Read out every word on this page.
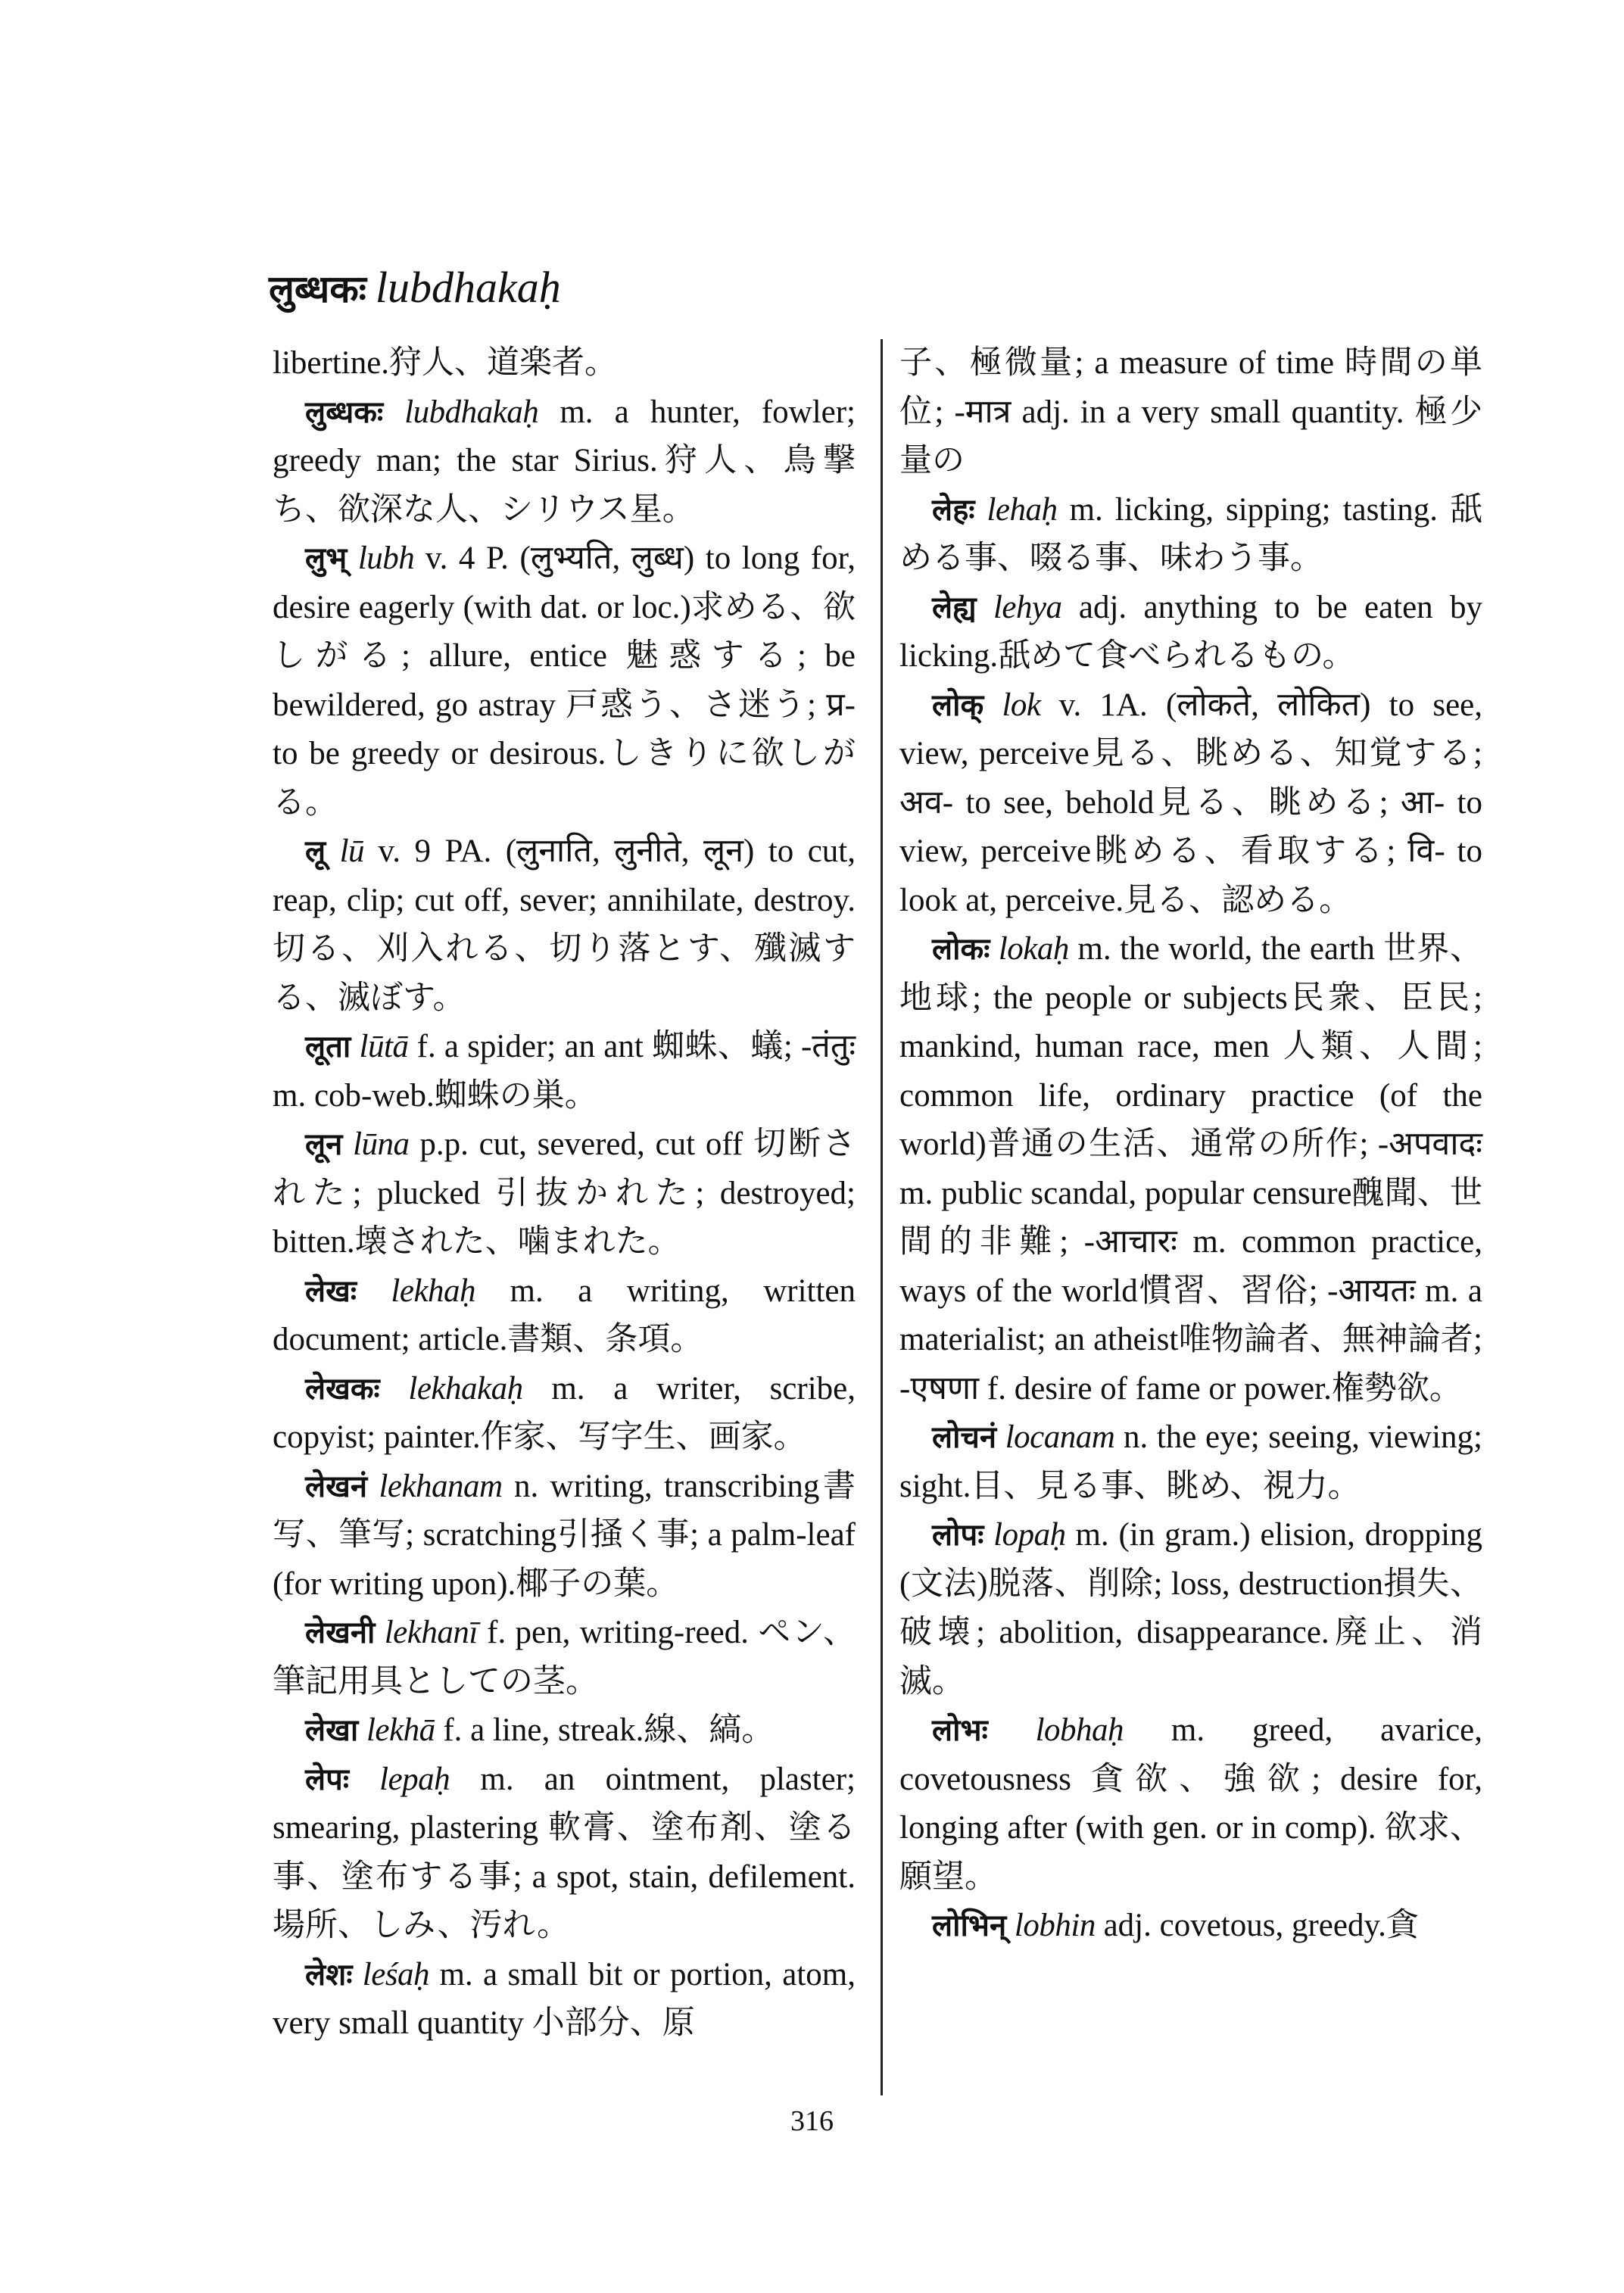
लुब्धकः lubdhakaḥ

libertine.狩人、道楽者。

लुब्धकः lubdhakaḥ m. a hunter, fowler; greedy man; the star Sirius.狩人、鳥撃ち、欲深な人、シリウス星。

लुभ् lubh v. 4 P. (लुभ्यति, लुब्ध) to long for, desire eagerly (with dat. or loc.)求める、欲しがる; allure, entice 魅惑する; be bewildered, go astray 戸惑う、さ迷う; प्र- to be greedy or desirous.しきりに欲しがる。

लू lū v. 9 PA. (लुनाति, लुनीते, लून) to cut, reap, clip; cut off, sever; annihilate, destroy.切る、刈入れる、切り落とす、殲滅する、滅ぼす。

लूता lūtā f. a spider; an ant 蜘蛛、蟻; -तंतुः m. cob-web.蜘蛛の巣。

लून lūna p.p. cut, severed, cut off 切断された; plucked 引抜かれた; destroyed; bitten.壊された、噛まれた。

लेखः lekhaḥ m. a writing, written document; article.書類、条項。

लेखकः lekhakaḥ m. a writer, scribe, copyist; painter.作家、写字生、画家。

लेखनं lekhanam n. writing, transcribing書写、筆写; scratching引掻く事; a palm-leaf (for writing upon).椰子の葉。

लेखनी lekhanī f. pen, writing-reed. ペン、筆記用具としての茎。

लेखा lekhā f. a line, streak.線、縞。

लेपः lepaḥ m. an ointment, plaster; smearing, plastering 軟膏、塗布剤、塗る事、塗布する事; a spot, stain, defilement.場所、しみ、汚れ。

लेशः leśaḥ m. a small bit or portion, atom, very small quantity 小部分、原

子、極微量; a measure of time 時間の単位; -मात्र adj. in a very small quantity. 極少量の

लेहः lehaḥ m. licking, sipping; tasting. 舐める事、啜る事、味わう事。

लेह्य lehya adj. anything to be eaten by licking.舐めて食べられるもの。

लोक् lok v. 1A. (लोकते, लोकित) to see, view, perceive見る、眺める、知覚する; अव- to see, behold見る、眺める; आ- to view, perceive眺める、看取する; वि- to look at, perceive.見る、認める。

लोकः lokaḥ m. the world, the earth 世界、地球; the people or subjects民衆、臣民; mankind, human race, men 人類、人間; common life, ordinary practice (of the world)普通の生活、通常の所作; -अपवादः m. public scandal, popular censure醜聞、世間的非難; -आचारः m. common practice, ways of the world慣習、習俗; -आयतः m. a materialist; an atheist唯物論者、無神論者; -एषणा f. desire of fame or power.権勢欲。

लोचनं locanam n. the eye; seeing, viewing; sight.目、見る事、眺め、視力。

लोपः lopaḥ m. (in gram.) elision, dropping (文法)脱落、削除; loss, destruction損失、破壊; abolition, disappearance.廃止、消滅。

लोभः lobhaḥ m. greed, avarice, covetousness 貪欲、強欲; desire for, longing after (with gen. or in comp). 欲求、願望。

लोभिन् lobhin adj. covetous, greedy.貪

316
